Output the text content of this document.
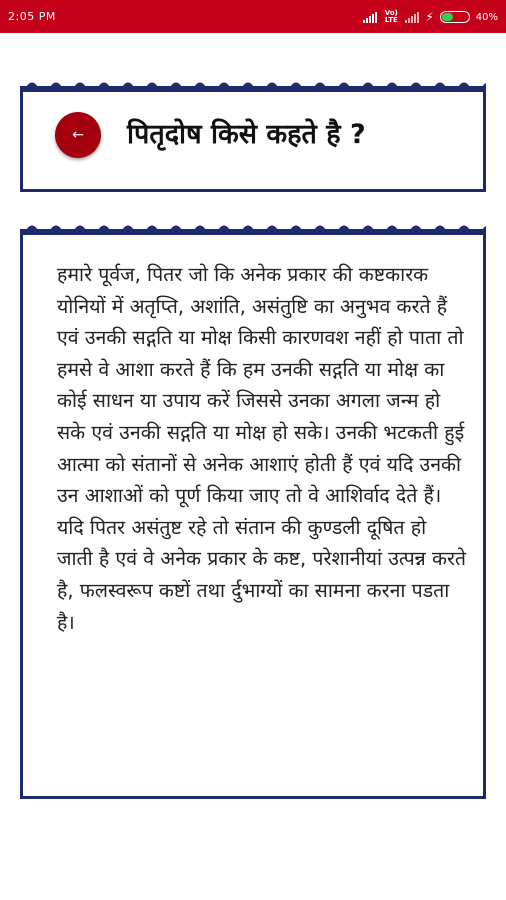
2:05 PM	Vo) LTE ⚡	40%
← पितृदोष किसे कहते है ?

हमारे पूर्वज, पितर जो कि अनेक प्रकार की कष्टकारक योनियों में अतृप्ति, अशांति, असंतुष्टि का अनुभव करते हैं एवं उनकी सद्गति या मोक्ष किसी कारणवश नहीं हो पाता तो हमसे वे आशा करते हैं कि हम उनकी सद्गति या मोक्ष का कोई साधन या उपाय करें जिससे उनका अगला जन्म हो सके एवं उनकी सद्गति या मोक्ष हो सके। उनकी भटकती हुई आत्मा को संतानों से अनेक आशाएं होती हैं एवं यदि उनकी उन आशाओं को पूर्ण किया जाए तो वे आशिर्वाद देते हैं। यदि पितर असंतुष्ट रहे तो संतान की कुण्डली दूषित हो जाती है एवं वे अनेक प्रकार के कष्ट, परेशानीयां उत्पन्न करते है, फलस्वरूप कष्टों तथा र्दुभाग्यों का सामना करना पडता है।
